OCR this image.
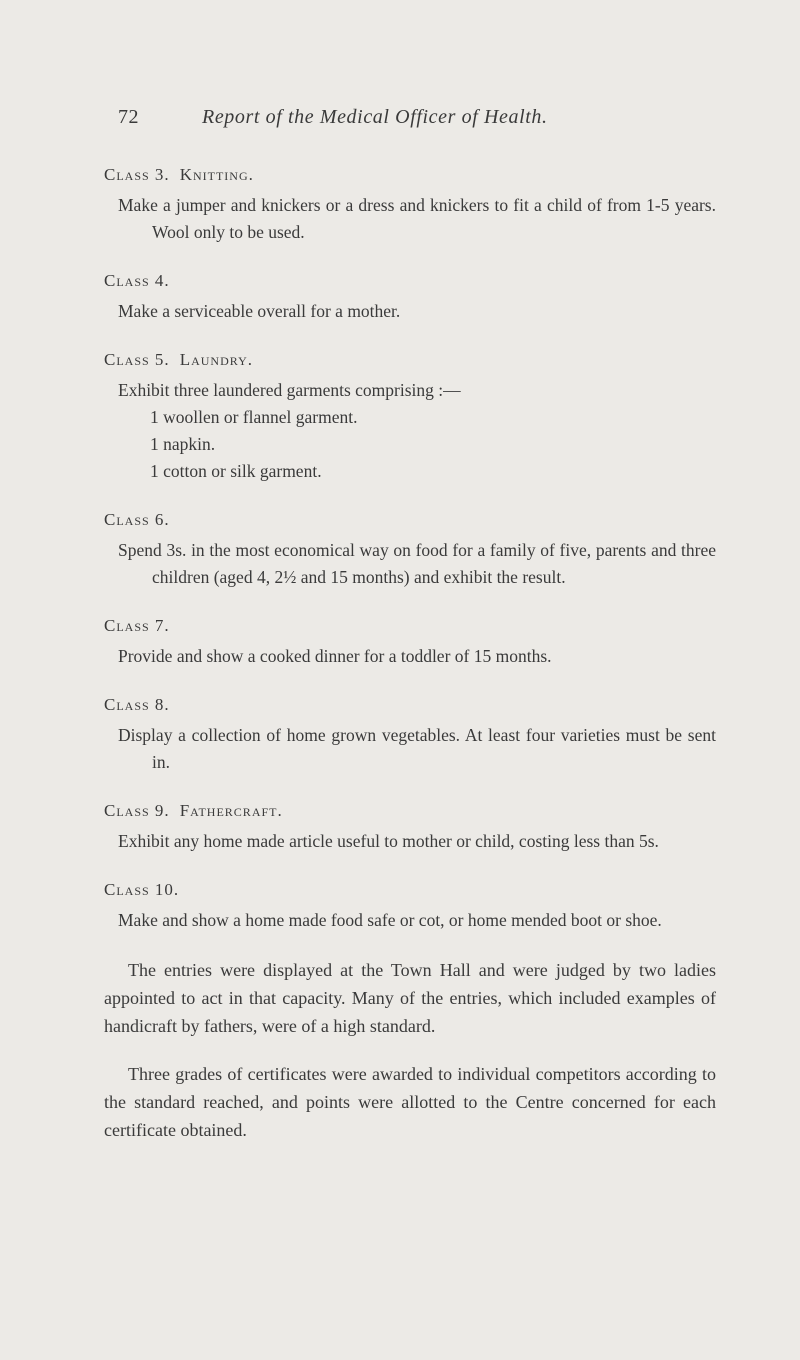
72	Report of the Medical Officer of Health.
Class 3. Knitting.
Make a jumper and knickers or a dress and knickers to fit a child of from 1-5 years. Wool only to be used.
Class 4.
Make a serviceable overall for a mother.
Class 5. Laundry.
Exhibit three laundered garments comprising :—
1 woollen or flannel garment.
1 napkin.
1 cotton or silk garment.
Class 6.
Spend 3s. in the most economical way on food for a family of five, parents and three children (aged 4, 2½ and 15 months) and exhibit the result.
Class 7.
Provide and show a cooked dinner for a toddler of 15 months.
Class 8.
Display a collection of home grown vegetables. At least four varieties must be sent in.
Class 9. Fathercraft.
Exhibit any home made article useful to mother or child, costing less than 5s.
Class 10.
Make and show a home made food safe or cot, or home mended boot or shoe.

The entries were displayed at the Town Hall and were judged by two ladies appointed to act in that capacity. Many of the entries, which included examples of handicraft by fathers, were of a high standard.

Three grades of certificates were awarded to individual competitors according to the standard reached, and points were allotted to the Centre concerned for each certificate obtained.
